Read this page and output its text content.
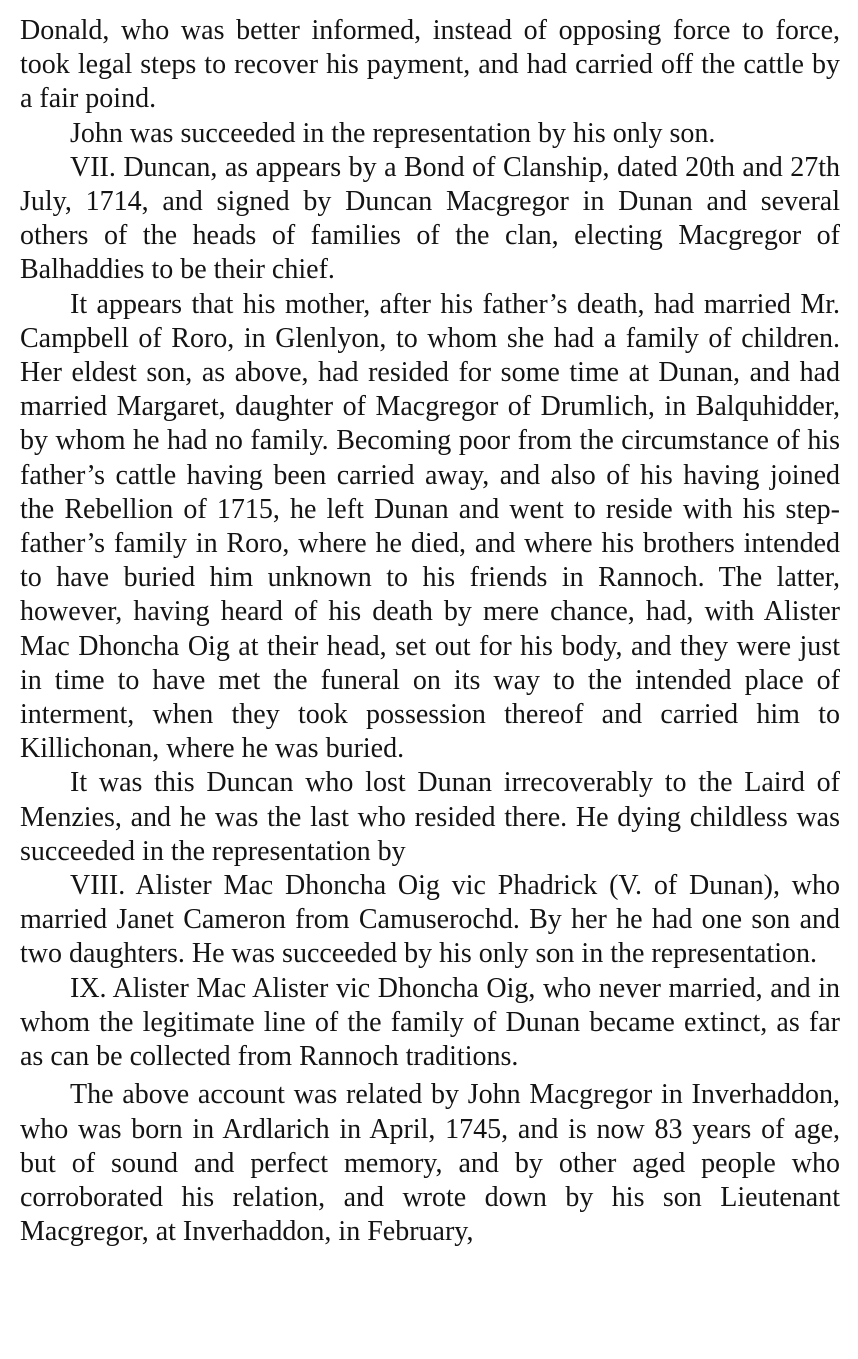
Donald, who was better informed, instead of opposing force to force, took legal steps to recover his payment, and had carried off the cattle by a fair poind.

John was succeeded in the representation by his only son.

VII. Duncan, as appears by a Bond of Clanship, dated 20th and 27th July, 1714, and signed by Duncan Macgregor in Dunan and several others of the heads of families of the clan, electing Macgregor of Balhaddies to be their chief.

It appears that his mother, after his father’s death, had married Mr. Campbell of Roro, in Glenlyon, to whom she had a family of children. Her eldest son, as above, had resided for some time at Dunan, and had married Margaret, daughter of Macgregor of Drumlich, in Balquhidder, by whom he had no family. Becoming poor from the circumstance of his father’s cattle having been carried away, and also of his having joined the Rebellion of 1715, he left Dunan and went to reside with his step-father’s family in Roro, where he died, and where his brothers intended to have buried him unknown to his friends in Rannoch. The latter, however, having heard of his death by mere chance, had, with Alister Mac Dhoncha Oig at their head, set out for his body, and they were just in time to have met the funeral on its way to the intended place of interment, when they took possession thereof and carried him to Killichonan, where he was buried.

It was this Duncan who lost Dunan irrecoverably to the Laird of Menzies, and he was the last who resided there. He dying childless was succeeded in the representation by

VIII. Alister Mac Dhoncha Oig vic Phadrick (V. of Dunan), who married Janet Cameron from Camuserochd. By her he had one son and two daughters. He was succeeded by his only son in the representation.

IX. Alister Mac Alister vic Dhoncha Oig, who never married, and in whom the legitimate line of the family of Dunan became extinct, as far as can be collected from Rannoch traditions.

The above account was related by John Macgregor in Inverhaddon, who was born in Ardlarich in April, 1745, and is now 83 years of age, but of sound and perfect memory, and by other aged people who corroborated his relation, and wrote down by his son Lieutenant Macgregor, at Inverhaddon, in February,
